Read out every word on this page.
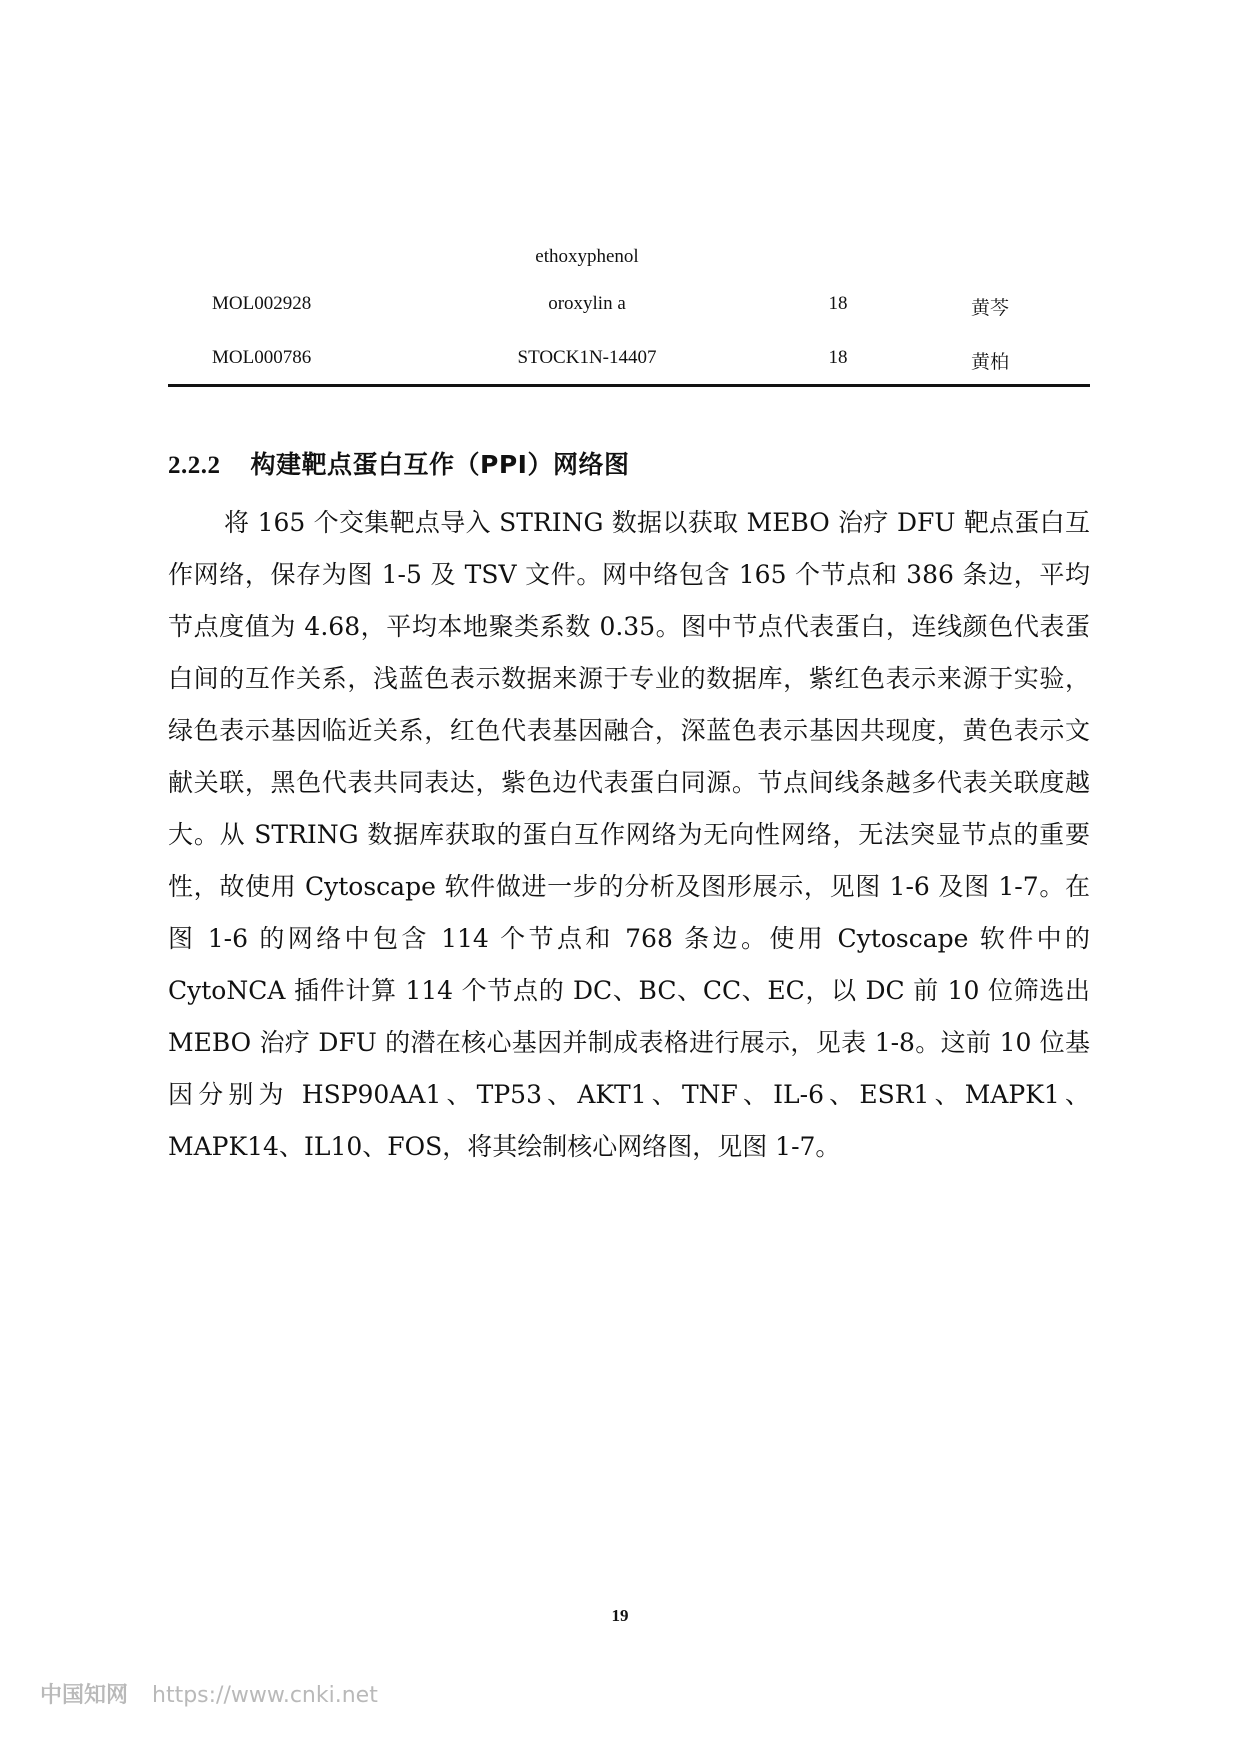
ethoxyphenol
MOL002928	oroxylin a	18	黄芩
MOL000786	STOCK1N-14407	18	黄柏
2.2.2 构建靶点蛋白互作（PPI）网络图

将 165 个交集靶点导入 STRING 数据以获取 MEBO 治疗 DFU 靶点蛋白互作网络，保存为图 1-5 及 TSV 文件。网中络包含 165 个节点和 386 条边，平均节点度值为 4.68，平均本地聚类系数 0.35。图中节点代表蛋白，连线颜色代表蛋白间的互作关系，浅蓝色表示数据来源于专业的数据库，紫红色表示来源于实验，绿色表示基因临近关系，红色代表基因融合，深蓝色表示基因共现度，黄色表示文献关联，黑色代表共同表达，紫色边代表蛋白同源。节点间线条越多代表关联度越大。从 STRING 数据库获取的蛋白互作网络为无向性网络，无法突显节点的重要性，故使用 Cytoscape 软件做进一步的分析及图形展示，见图 1-6 及图 1-7。在图 1-6 的网络中包含 114 个节点和 768 条边。使用 Cytoscape 软件中的 CytoNCA 插件计算 114 个节点的 DC、BC、CC、EC，以 DC 前 10 位筛选出 MEBO 治疗 DFU 的潜在核心基因并制成表格进行展示，见表 1-8。这前 10 位基因分别为 HSP90AA1、TP53、AKT1、TNF、IL-6、ESR1、MAPK1、MAPK14、IL10、FOS，将其绘制核心网络图，见图 1-7。

19
中国知网 https://www.cnki.net
